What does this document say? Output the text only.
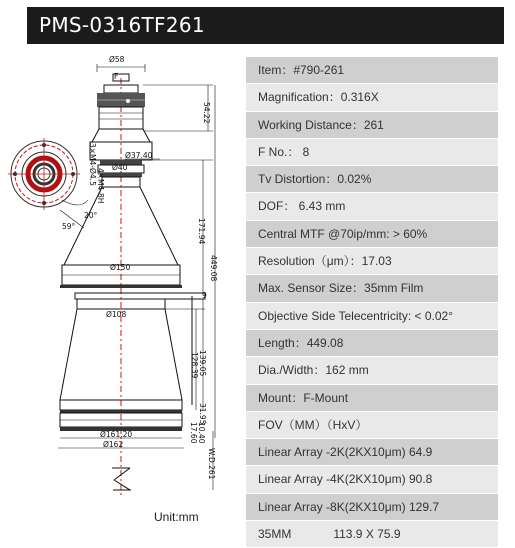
PMS-0316TF261
Ø58
F
54.22
Ø37.40
Ø40
3×M4-Ø4.5 4×M4-8H
20°
59°
Ø150
9
171.94
449.08
Ø108
139.05
128.39
31.95
17.60 10.40
Ø161.20
Ø162
W.D.261
Unit:mm
Item：#790-261
Magnification：0.316X
Working Distance：261
F No.： 8
Tv Distortion：0.02%
DOF： 6.43 mm
Central MTF @70ip/mm: > 60%
Resolution（μm）：17.03
Max. Sensor Size：35mm Film
Objective Side Telecentricity: < 0.02°
Length：449.08
Dia./Width：162 mm
Mount：F-Mount
FOV（MM）（HxV）
Linear Array -2K(2KX10μm) 64.9
Linear Array -4K(2KX10μm) 90.8
Linear Array -8K(2KX10μm) 129.7
35MM	113.9 X 75.9
